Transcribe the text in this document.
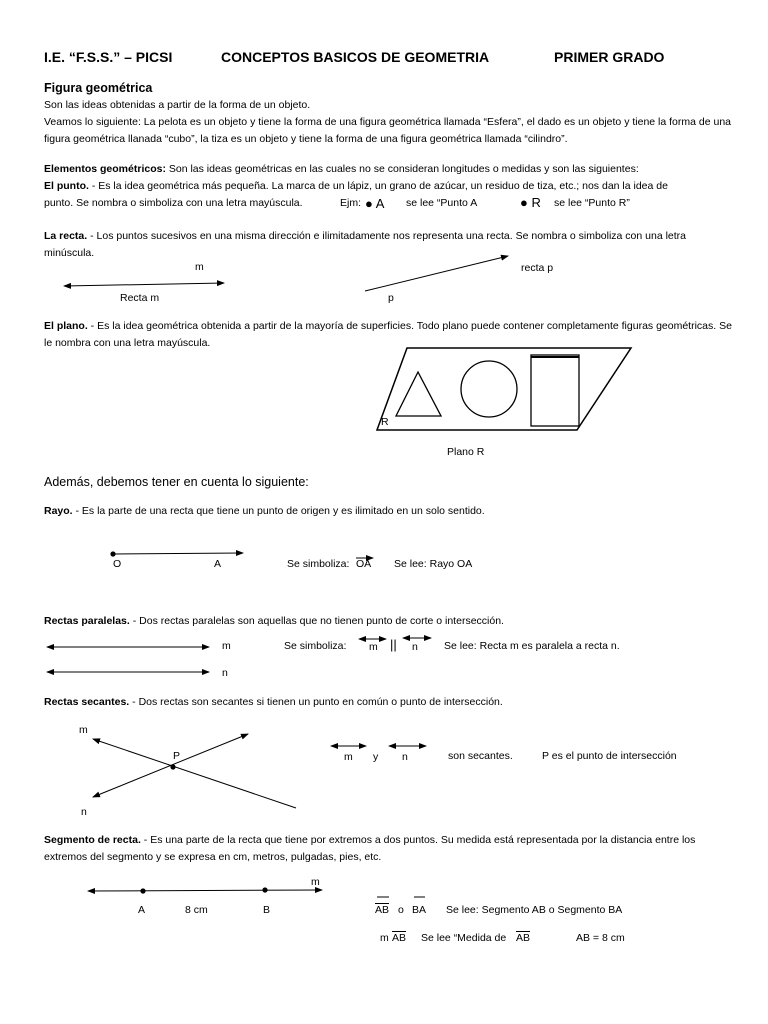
I.E. “F.S.S.” – PICSI	CONCEPTOS BASICOS DE GEOMETRIA	PRIMER GRADO
Figura geométrica
Son las ideas obtenidas a partir de la forma de un objeto.
Veamos lo siguiente: La pelota es un objeto y tiene la forma de una figura geométrica llamada “Esfera”, el dado es un objeto y tiene la forma de una figura geométrica llanada “cubo”, la tiza es un objeto y tiene la forma de una figura geométrica llamada “cilindro”.
Elementos geométricos: Son las ideas geométricas en las cuales no se consideran longitudes o medidas y son las siguientes:
El punto. - Es la idea geométrica más pequeña. La marca de un lápiz, un grano de azúcar, un residuo de tiza, etc.; nos dan la idea de
punto. Se nombra o simboliza con una letra mayúscula.	Ejm: ● A se lee “Punto A	● R se lee “Punto R”
La recta. - Los puntos sucesivos en una misma dirección e ilimitadamente nos representa una recta. Se nombra o simboliza con una letra minúscula.
m
Recta m
recta p
p
El plano. - Es la idea geométrica obtenida a partir de la mayoría de superficies. Todo plano puede contener completamente figuras geométricas. Se le nombra con una letra mayúscula.
R
Plano R
Además, debemos tener en cuenta lo siguiente:
Rayo. - Es la parte de una recta que tiene un punto de origen y es ilimitado en un solo sentido.
O	A	Se simboliza: OA Se lee: Rayo OA
Rectas paralelas. - Dos rectas paralelas son aquellas que no tienen punto de corte o intersección.
m
n
Se simboliza: m || n Se lee: Recta m es paralela a recta n.
Rectas secantes. - Dos rectas son secantes si tienen un punto en común o punto de intersección.
m
P
n
m y n	son secantes.	P es el punto de intersección
Segmento de recta. - Es una parte de la recta que tiene por extremos a dos puntos. Su medida está representada por la distancia entre los extremos del segmento y se expresa en cm, metros, pulgadas, pies, etc.
m
A	8 cm	B	$\overline{AB}$ o BA Se lee: Segmento AB o Segmento BA
m $\overline{AB}$ Se lee “Medida de $\overline{AB}$	AB = 8 cm
